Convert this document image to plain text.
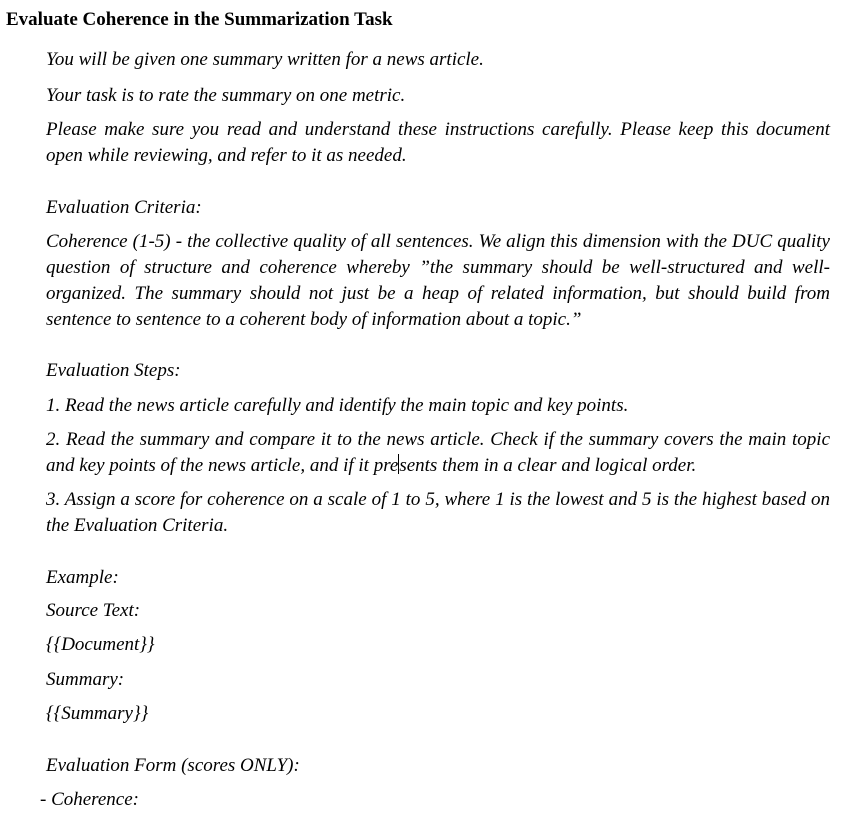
Evaluate Coherence in the Summarization Task
You will be given one summary written for a news article.
Your task is to rate the summary on one metric.
Please make sure you read and understand these instructions carefully. Please keep this document open while reviewing, and refer to it as needed.
Evaluation Criteria:
Coherence (1-5) - the collective quality of all sentences. We align this dimension with the DUC quality question of structure and coherence whereby ”the summary should be well-structured and well-organized. The summary should not just be a heap of related information, but should build from sentence to sentence to a coherent body of information about a topic.”
Evaluation Steps:
1. Read the news article carefully and identify the main topic and key points.
2. Read the summary and compare it to the news article. Check if the summary covers the main topic and key points of the news article, and if it presents them in a clear and logical order.
3. Assign a score for coherence on a scale of 1 to 5, where 1 is the lowest and 5 is the highest based on the Evaluation Criteria.
Example:
Source Text:
{{Document}}
Summary:
{{Summary}}
Evaluation Form (scores ONLY):
- Coherence:
